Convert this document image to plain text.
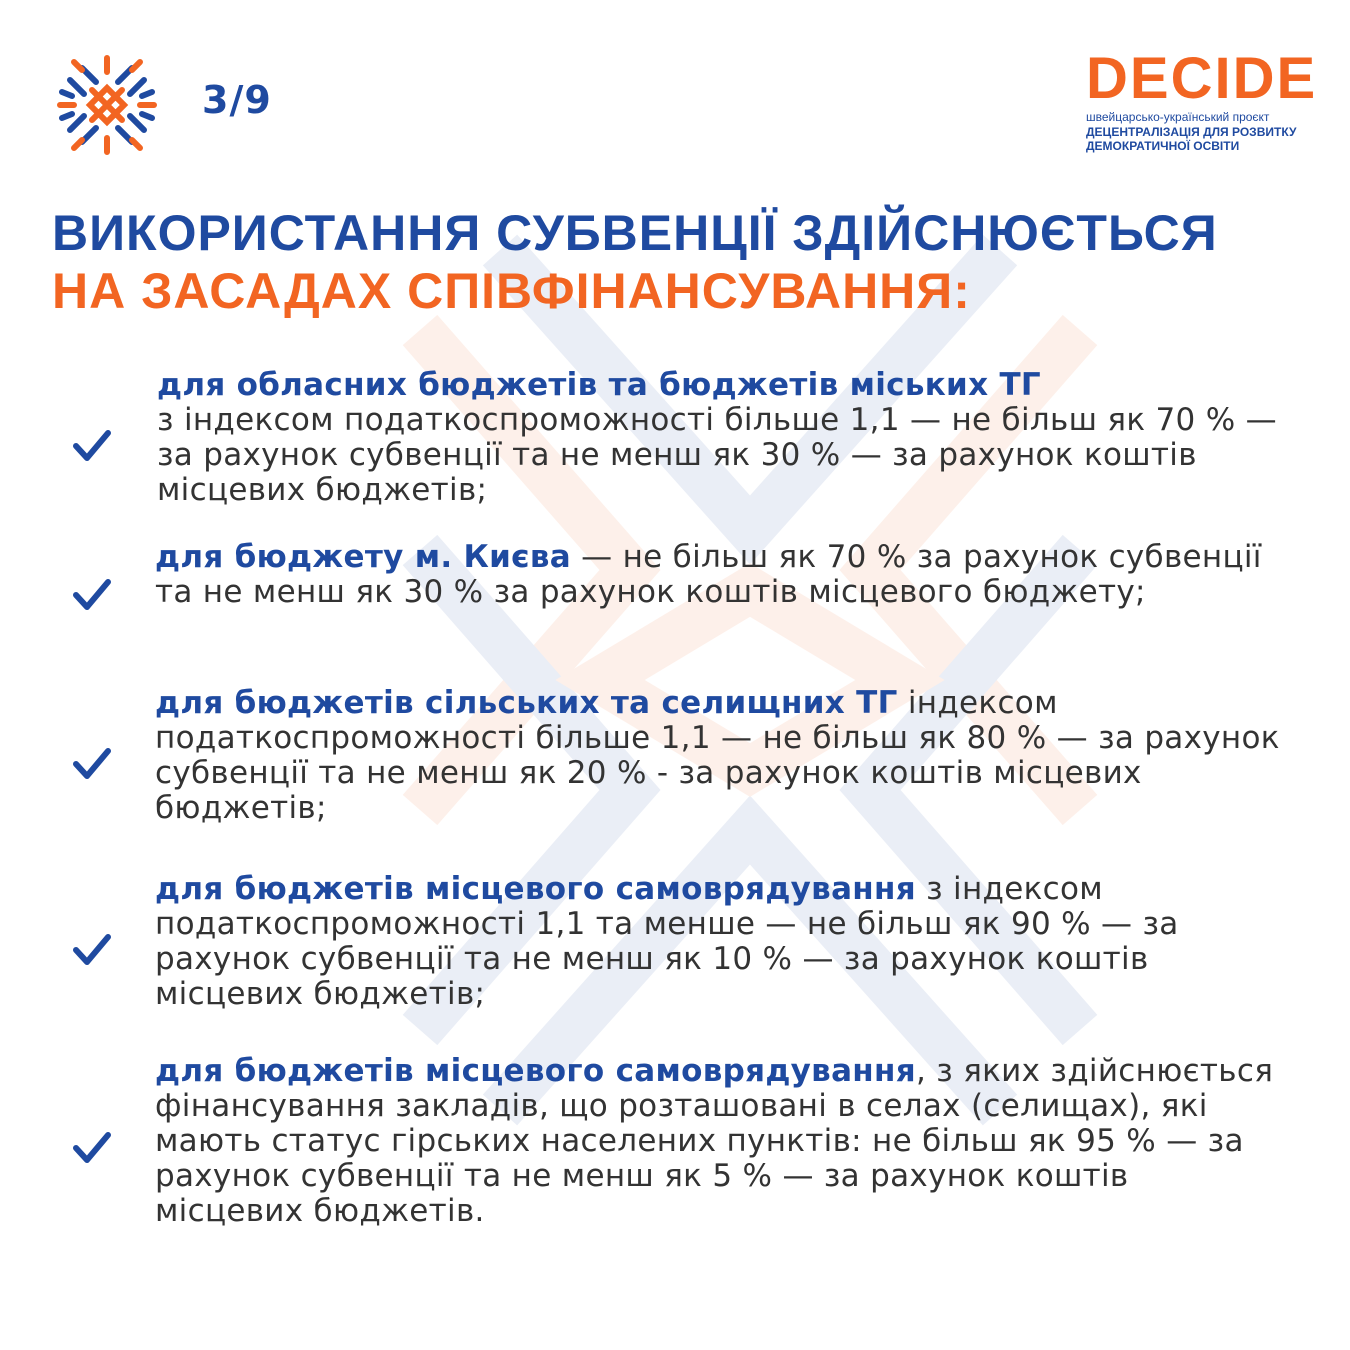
3/9	DECIDE
швейцарсько-український проєкт
ДЕЦЕНТРАЛІЗАЦІЯ ДЛЯ РОЗВИТКУ
ДЕМОКРАТИЧНОЇ ОСВІТИ
ВИКОРИСТАННЯ СУБВЕНЦІЇ ЗДІЙСНЮЄТЬСЯ
НА ЗАСАДАХ СПІВФІНАНСУВАННЯ:

для обласних бюджетів та бюджетів міських ТГ
з індексом податкоспроможності більше 1,1 — не більш як 70 % — за рахунок субвенції та не менш як 30 % — за рахунок коштів місцевих бюджетів;

для бюджету м. Києва — не більш як 70 % за рахунок субвенції та не менш як 30 % за рахунок коштів місцевого бюджету;

для бюджетів сільських та селищних ТГ індексом податкоспроможності більше 1,1 — не більш як 80 % — за рахунок субвенції та не менш як 20 % - за рахунок коштів місцевих бюджетів;

для бюджетів місцевого самоврядування з індексом податкоспроможності 1,1 та менше — не більш як 90 % — за рахунок субвенції та не менш як 10 % — за рахунок коштів місцевих бюджетів;

для бюджетів місцевого самоврядування, з яких здійснюється фінансування закладів, що розташовані в селах (селищах), які мають статус гірських населених пунктів: не більш як 95 % — за рахунок субвенції та не менш як 5 % — за рахунок коштів місцевих бюджетів.
